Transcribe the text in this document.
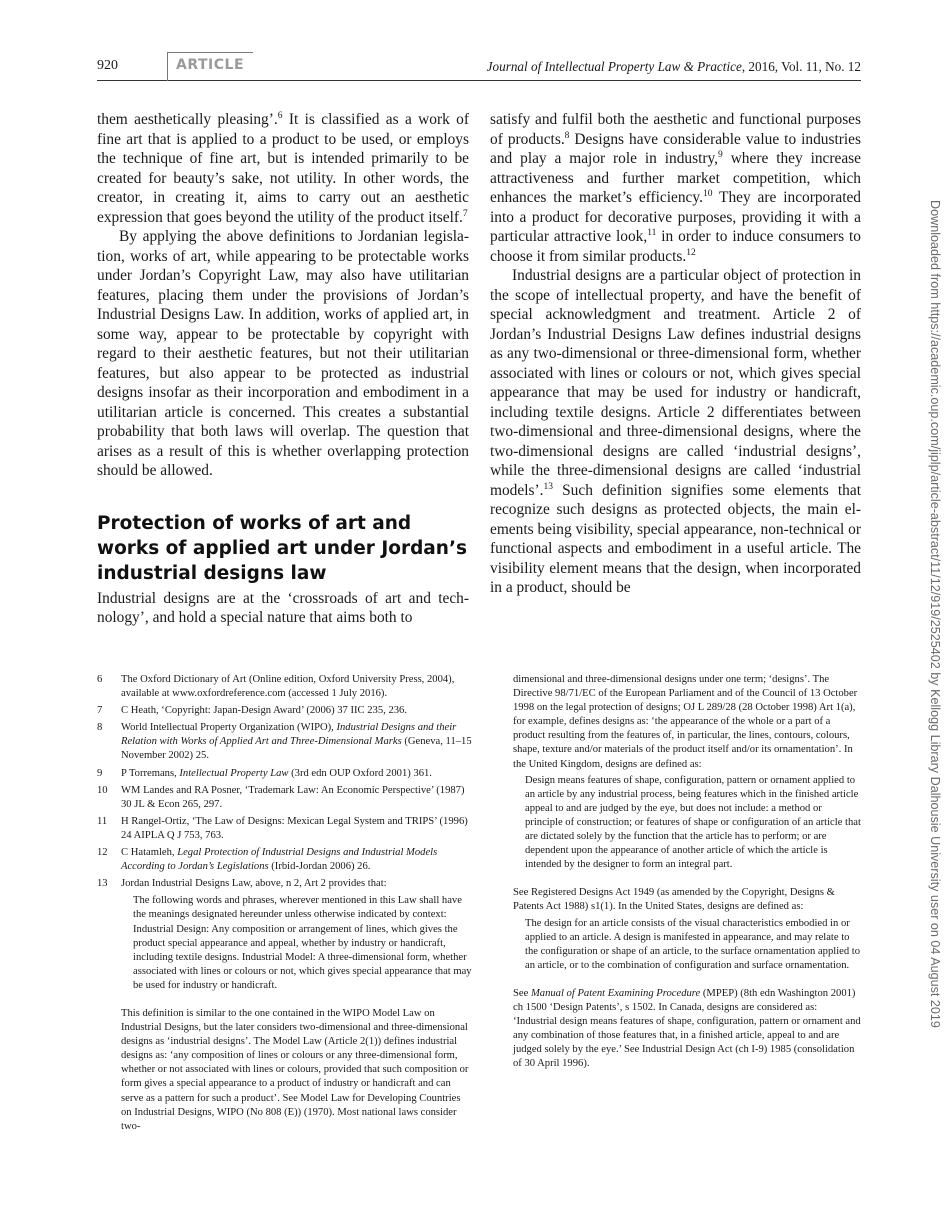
920	ARTICLE	Journal of Intellectual Property Law & Practice, 2016, Vol. 11, No. 12

them aesthetically pleasing’.$^6$ It is classified as a work of fine art that is applied to a product to be used, or employs the technique of fine art, but is intended primarily to be created for beauty’s sake, not utility. In other words, the creator, in creating it, aims to carry out an aesthetic expression that goes beyond the utility of the product itself.$^7$

By applying the above definitions to Jordanian legislation, works of art, while appearing to be protectable works under Jordan’s Copyright Law, may also have utilitarian features, placing them under the provisions of Jordan’s Industrial Designs Law. In addition, works of applied art, in some way, appear to be protectable by copyright with regard to their aesthetic features, but not their utilitarian features, but also appear to be protected as industrial designs insofar as their incorporation and embodiment in a utilitarian article is concerned. This creates a substantial probability that both laws will overlap. The question that arises as a result of this is whether overlapping protection should be allowed.

Protection of works of art and works of applied art under Jordan’s industrial designs law

Industrial designs are at the ‘crossroads of art and technology’, and hold a special nature that aims both to

satisfy and fulfil both the aesthetic and functional purposes of products.$^8$ Designs have considerable value to industries and play a major role in industry,$^9$ where they increase attractiveness and further market competition, which enhances the market’s efficiency.$^{10}$ They are incorporated into a product for decorative purposes, providing it with a particular attractive look,$^{11}$ in order to induce consumers to choose it from similar products.$^{12}$

Industrial designs are a particular object of protection in the scope of intellectual property, and have the benefit of special acknowledgment and treatment. Article 2 of Jordan’s Industrial Designs Law defines industrial designs as any two-dimensional or three-dimensional form, whether associated with lines or colours or not, which gives special appearance that may be used for industry or handicraft, including textile designs. Article 2 differentiates between two-dimensional and three-dimensional designs, where the two-dimensional designs are called ‘industrial designs’, while the three-dimensional designs are called ‘industrial models’.$^{13}$ Such definition signifies some elements that recognize such designs as protected objects, the main elements being visibility, special appearance, non-technical or functional aspects and embodiment in a useful article. The visibility element means that the design, when incorporated in a product, should be

6	The Oxford Dictionary of Art (Online edition, Oxford University Press, 2004), available at www.oxfordreference.com (accessed 1 July 2016).
7	C Heath, ‘Copyright: Japan-Design Award’ (2006) 37 IIC 235, 236.
8	World Intellectual Property Organization (WIPO), Industrial Designs and their Relation with Works of Applied Art and Three-Dimensional Marks (Geneva, 11–15 November 2002) 25.
9	P Torremans, Intellectual Property Law (3rd edn OUP Oxford 2001) 361.
10	WM Landes and RA Posner, ‘Trademark Law: An Economic Perspective’ (1987) 30 JL & Econ 265, 297.
11	H Rangel-Ortiz, ‘The Law of Designs: Mexican Legal System and TRIPS’ (1996) 24 AIPLA Q J 753, 763.
12	C Hatamleh, Legal Protection of Industrial Designs and Industrial Models According to Jordan’s Legislations (Irbid-Jordan 2006) 26.
13	Jordan Industrial Designs Law, above, n 2, Art 2 provides that:
The following words and phrases, wherever mentioned in this Law shall have the meanings designated hereunder unless otherwise indicated by context: Industrial Design: Any composition or arrangement of lines, which gives the product special appearance and appeal, whether by industry or handicraft, including textile designs. Industrial Model: A three-dimensional form, whether associated with lines or colours or not, which gives special appearance that may be used for industry or handicraft.
This definition is similar to the one contained in the WIPO Model Law on Industrial Designs, but the later considers two-dimensional and three-dimensional designs as ‘industrial designs’. The Model Law (Article 2(1)) defines industrial designs as: ‘any composition of lines or colours or any three-dimensional form, whether or not associated with lines or colours, provided that such composition or form gives a special appearance to a product of industry or handicraft and can serve as a pattern for such a product’. See Model Law for Developing Countries on Industrial Designs, WIPO (No 808 (E)) (1970). Most national laws consider two-

dimensional and three-dimensional designs under one term; ‘designs’. The Directive 98/71/EC of the European Parliament and of the Council of 13 October 1998 on the legal protection of designs; OJ L 289/28 (28 October 1998) Art 1(a), for example, defines designs as: ‘the appearance of the whole or a part of a product resulting from the features of, in particular, the lines, contours, colours, shape, texture and/or materials of the product itself and/or its ornamentation’. In the United Kingdom, designs are defined as:

Design means features of shape, configuration, pattern or ornament applied to an article by any industrial process, being features which in the finished article appeal to and are judged by the eye, but does not include: a method or principle of construction; or features of shape or configuration of an article that are dictated solely by the function that the article has to perform; or are dependent upon the appearance of another article of which the article is intended by the designer to form an integral part.

See Registered Designs Act 1949 (as amended by the Copyright, Designs & Patents Act 1988) s1(1). In the United States, designs are defined as:

The design for an article consists of the visual characteristics embodied in or applied to an article. A design is manifested in appearance, and may relate to the configuration or shape of an article, to the surface ornamentation applied to an article, or to the combination of configuration and surface ornamentation.

See Manual of Patent Examining Procedure (MPEP) (8th edn Washington 2001) ch 1500 ‘Design Patents’, s 1502. In Canada, designs are considered as: ‘Industrial design means features of shape, configuration, pattern or ornament and any combination of those features that, in a finished article, appeal to and are judged solely by the eye.’ See Industrial Design Act (ch I-9) 1985 (consolidation of 30 April 1996).

Downloaded from https://academic.oup.com/jiplp/article-abstract/11/12/919/2525402 by Kellogg Library Dalhousie University user on 04 August 2019
